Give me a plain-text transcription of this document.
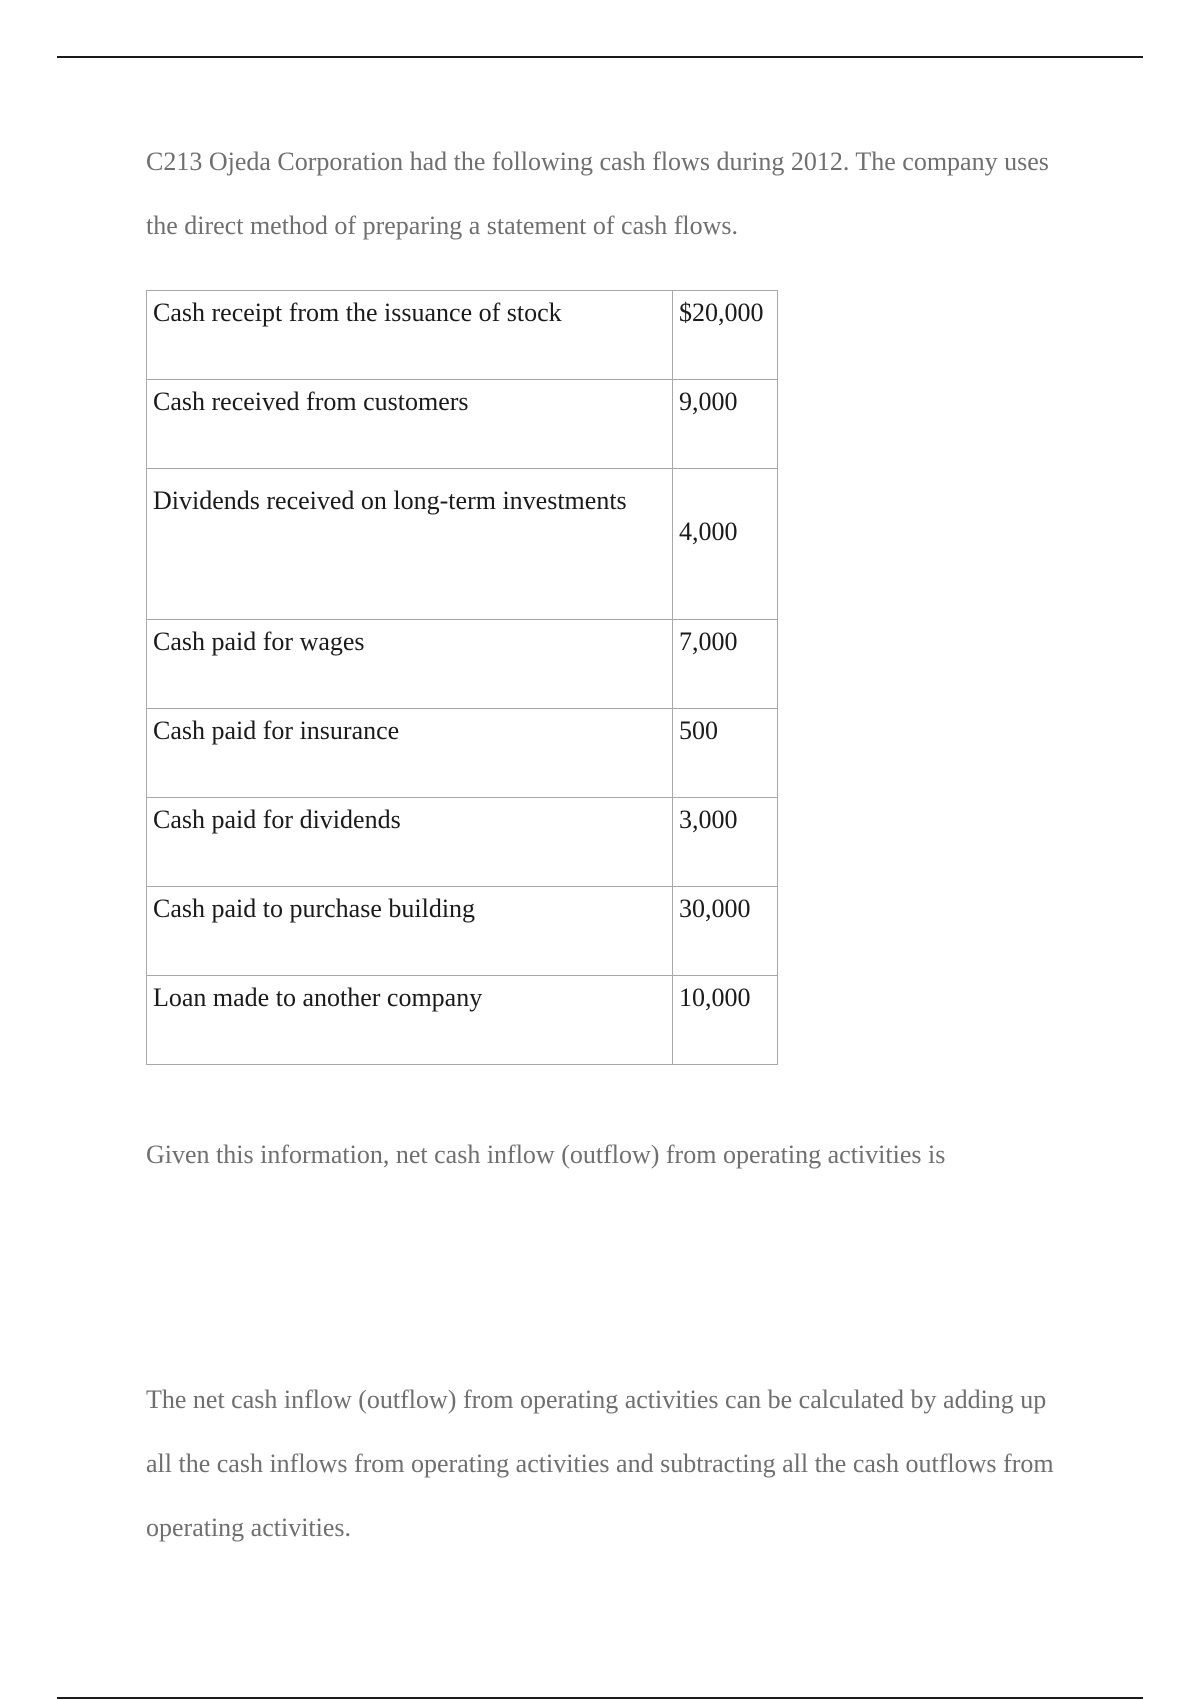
C213 Ojeda Corporation had the following cash flows during 2012. The company uses the direct method of preparing a statement of cash flows.

Cash receipt from the issuance of stock	$20,000
Cash received from customers	9,000
Dividends received on long-term investments	4,000
Cash paid for wages	7,000
Cash paid for insurance	500
Cash paid for dividends	3,000
Cash paid to purchase building	30,000
Loan made to another company	10,000

Given this information, net cash inflow (outflow) from operating activities is

The net cash inflow (outflow) from operating activities can be calculated by adding up all the cash inflows from operating activities and subtracting all the cash outflows from operating activities.
